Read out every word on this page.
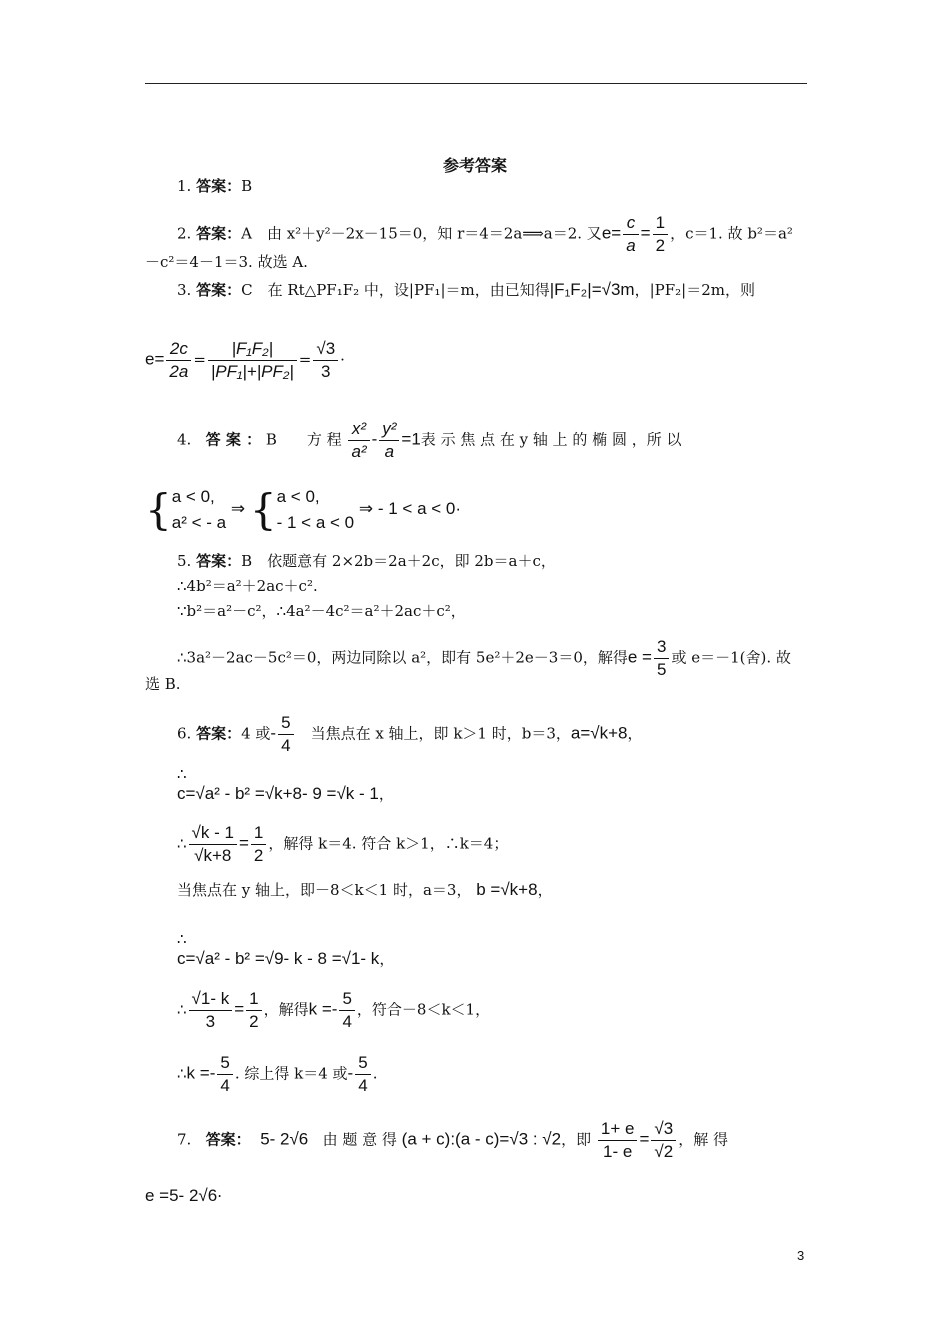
参考答案
1. 答案：B
2. 答案：A　由 x²＋y²－2x－15＝0，知 r＝4＝2a⟹a＝2. 又$e= \frac{c}{a} = \frac{1}{2}$ ，c＝1. 故 b²＝a²
－c²＝4－1＝3. 故选 A.
3. 答案：C　在 Rt△PF₁F₂ 中，设|PF₁|＝m，由已知得|F₁F₂|=√3m，|PF₂|＝2m，则
$e= \frac{2c}{2a} = \frac{\text{|F₁F₂|}}{\text{|PF₁|+|PF₂|}} = \frac{√3}{3}$ ·
4. 答 案 ： B　　方 程 $\frac{\text{x²}}{\text{a²}} - \frac{\text{y²}}{a} =1$表 示 焦 点 在 y 轴 上 的 椭 圆 ，所 以
{ a < 0,
a² < - a
⇒ { a < 0,
- 1 < a < 0
⇒ - 1 < a < 0·
5. 答案：B　依题意有 2×2b＝2a＋2c，即 2b＝a＋c，
∴4b²＝a²＋2ac＋c².
∵b²＝a²－c²，∴4a²－4c²＝a²＋2ac＋c²，
∴3a²－2ac－5c²＝0，两边同除以 a²，即有 5e²＋2e－3＝0，解得$e = \frac{3}{5}$ 或 e＝－1(舍). 故
选 B.
6. 答案：4 或- $\frac{5}{4}$ 　当焦点在 x 轴上，即 k＞1 时，b＝3，a=√k+8，
∴
c=√a² - b² =√k+8- 9 =√k - 1，
∴ $\frac{√k - 1}{√k+8} = \frac{1}{2}$ ，解得 k＝4. 符合 k＞1，∴k＝4；
当焦点在 y 轴上，即－8＜k＜1 时，a＝3， b =√k+8，
∴
c=√a² - b² =√9- k - 8 =√1- k，
∴ $\frac{√1- k}{3} = \frac{1}{2}$ ，解得$k =- \frac{5}{4}$ ，符合－8＜k＜1，
∴k =- $\frac{5}{4}$ . 综上得 k＝4 或- $\frac{5}{4}$ .
7. 答案： 5- 2√6 由 题 意 得 (a + c):(a - c)=√3 : √2，即 $\frac{1+ e}{1- e} = \frac{√3}{√2}$ ，解 得
e =5- 2√6·
3
